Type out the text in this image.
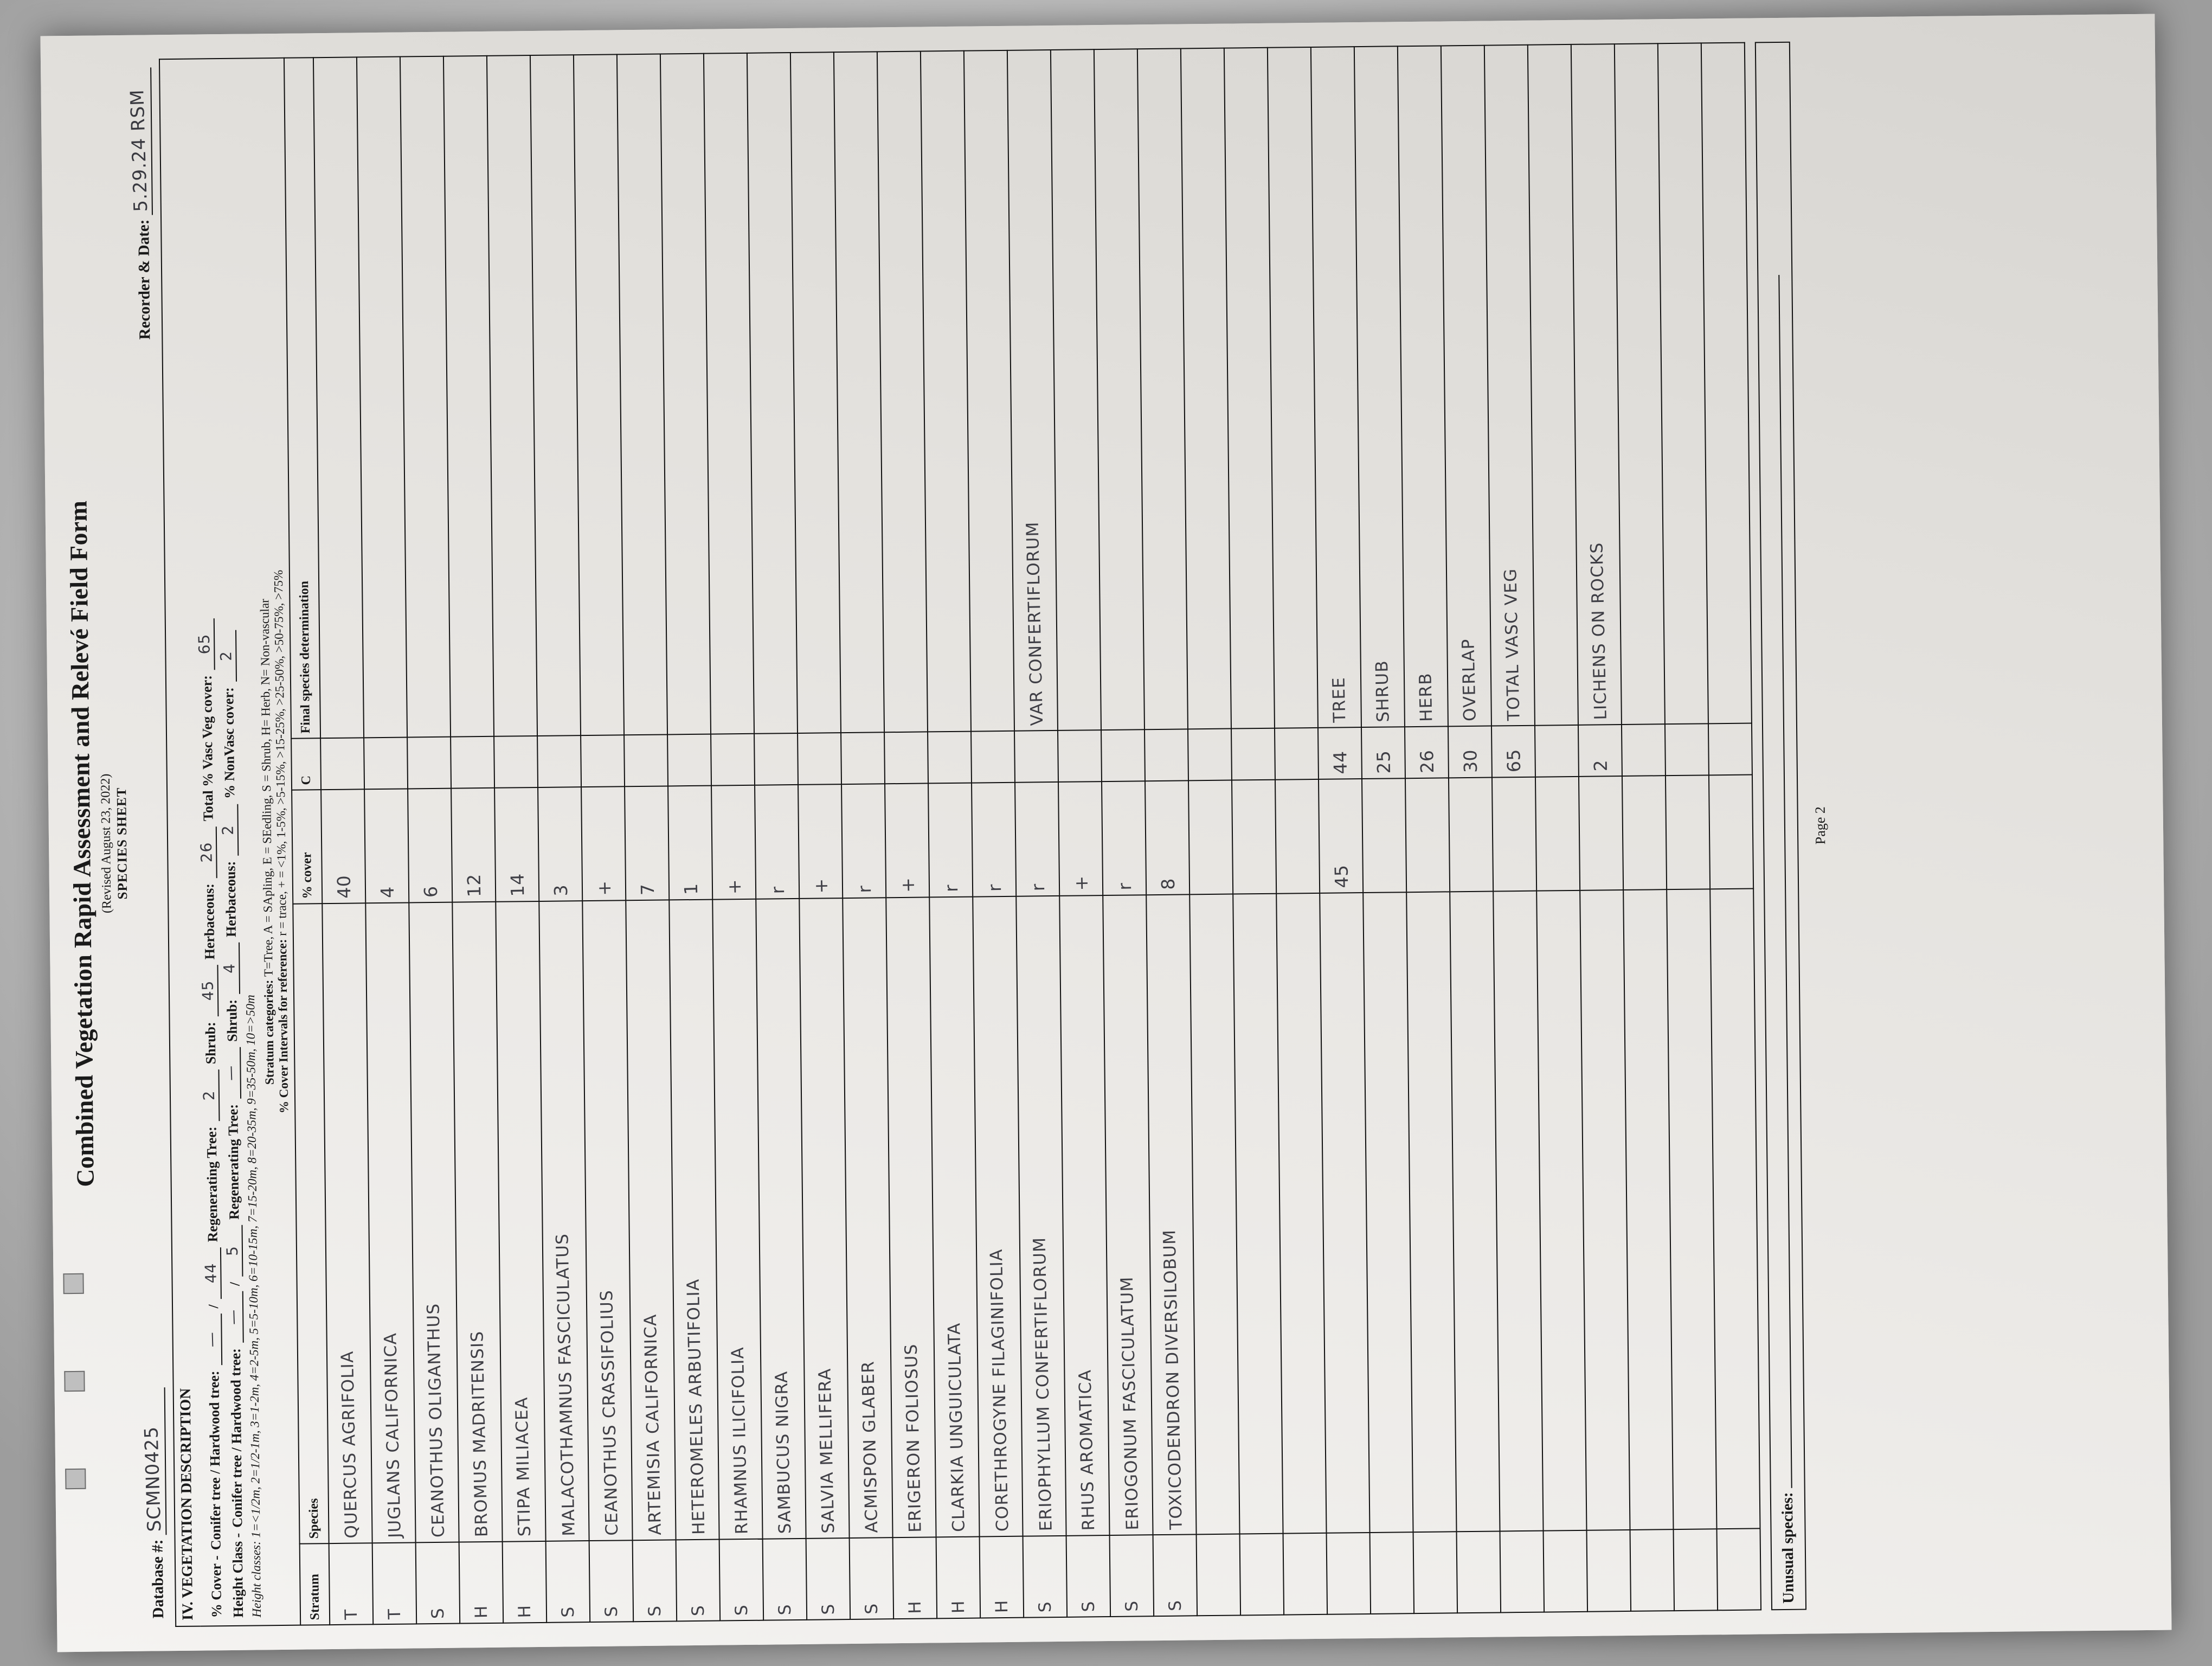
Combined Vegetation Rapid Assessment and Relevé Field Form (Revised August 23, 2022) SPECIES SHEET
Database #:
SCMN0425
Recorder & Date:
5.29.24 RSM
IV. VEGETATION DESCRIPTION % Cover -
Conifer tree / Hardwood tree:
—
/
44
Regenerating Tree:
2
Shrub:
45
Herbaceous:
26
Total % Vasc Veg cover:
65
Height Class -
Conifer tree / Hardwood tree:
—
/
5
Regenerating Tree:
—
Shrub:
4
Herbaceous:
2
% NonVasc cover:
2
Height classes: 1=<1/2m, 2=1/2-1m, 3=1-2m, 4=2-5m, 5=5-10m, 6=10-15m, 7=15-20m, 8=20-35m, 9=35-50m, 10=>50m
Stratum categories: T=Tree, A = SApling, E = SEedling, S = Shrub, H= Herb, N= Non-vascular
% Cover Intervals for reference: r = trace, + = <1%, 1-5%, >5-15%, >15-25%, >25-50%, >50-75%, >75%
Stratum	Species	% cover	C	Final species determination
T	QUERCUS AGRIFOLIA	40		
T	JUGLANS CALIFORNICA	4		
S	CEANOTHUS OLIGANTHUS	6		
H	BROMUS MADRITENSIS	12		
H	STIPA MILIACEA	14		
S	MALACOTHAMNUS FASCICULATUS	3		
S	CEANOTHUS CRASSIFOLIUS	+		
S	ARTEMISIA CALIFORNICA	7		
S	HETEROMELES ARBUTIFOLIA	1		
S	RHAMNUS ILICIFOLIA	+		
S	SAMBUCUS NIGRA	r		
S	SALVIA MELLIFERA	+		
S	ACMISPON GLABER	r		
H	ERIGERON FOLIOSUS	+		
H	CLARKIA UNGUICULATA	r		
H	CORETHROGYNE FILAGINIFOLIA	r		
S	ERIOPHYLLUM CONFERTIFLORUM	r		VAR CONFERTIFLORUM
S	RHUS AROMATICA	+		
S	ERIOGONUM FASCICULATUM	r		
S	TOXICODENDRON DIVERSILOBUM	8		

		45	44	TREE
			25	SHRUB
			26	HERB
			30	OVERLAP
			65	TOTAL VASC VEG

			2	LICHENS ON ROCKS

Unusual species:
Page 2
